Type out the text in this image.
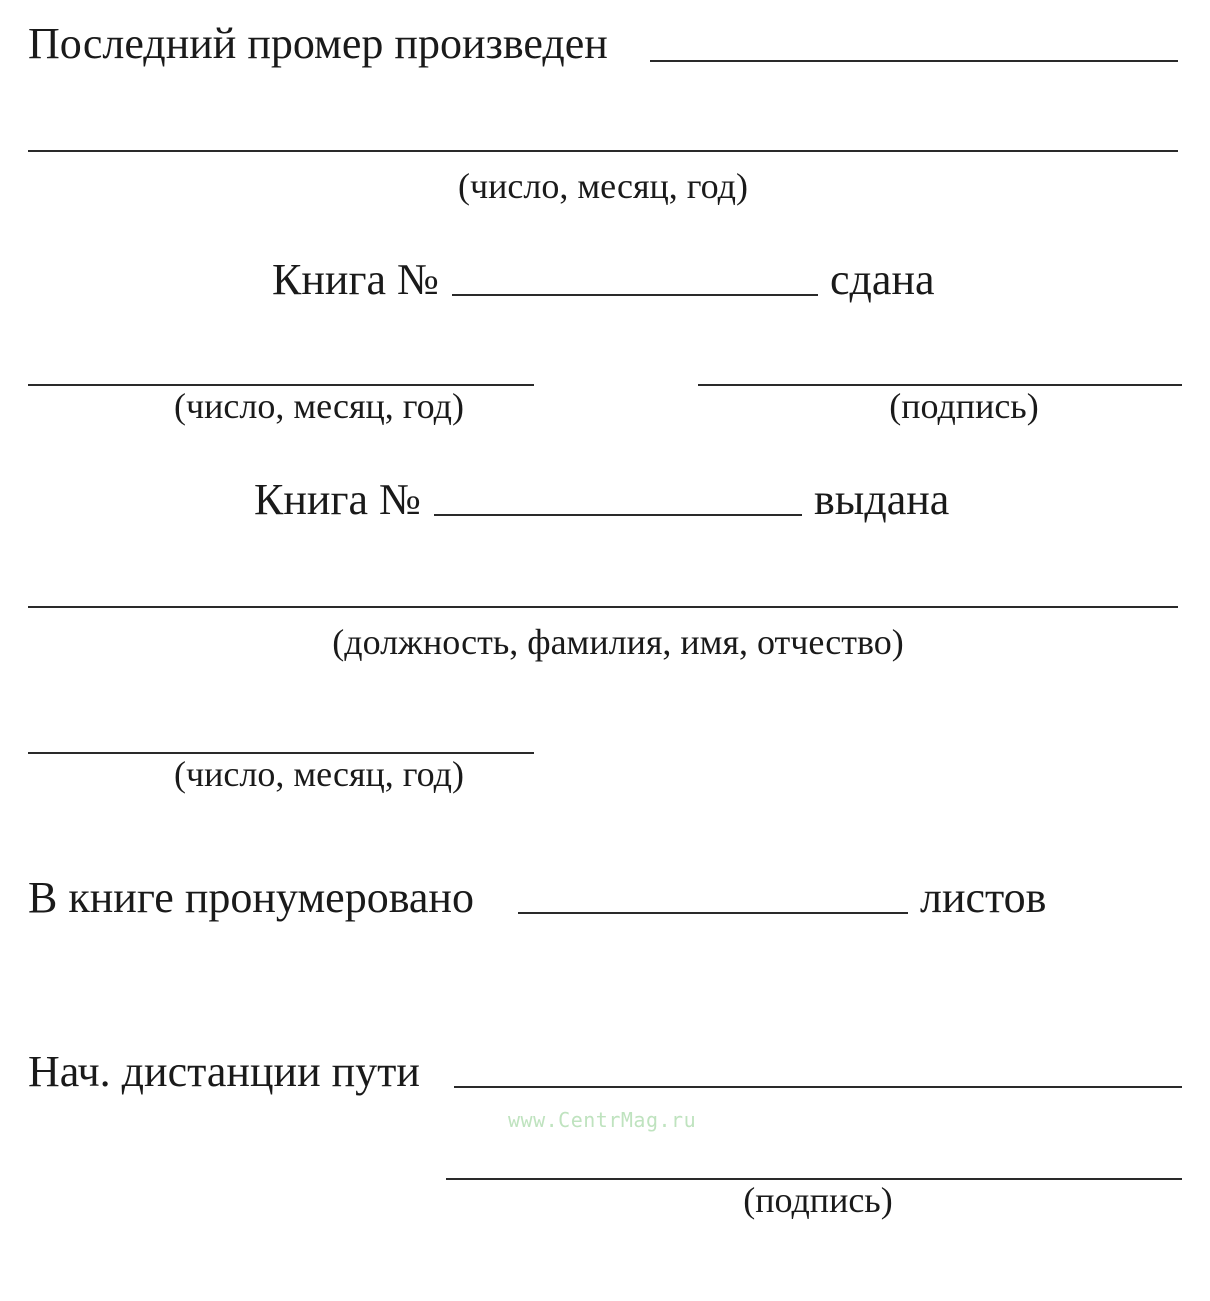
Последний промер произведен
(число, месяц, год)
Книга №	сдана
(число, месяц, год)	(подпись)
Книга №	выдана
(должность, фамилия, имя, отчество)
(число, месяц, год)
В книге пронумеровано	листов
Нач. дистанции пути
www.CentrMag.ru
(подпись)
